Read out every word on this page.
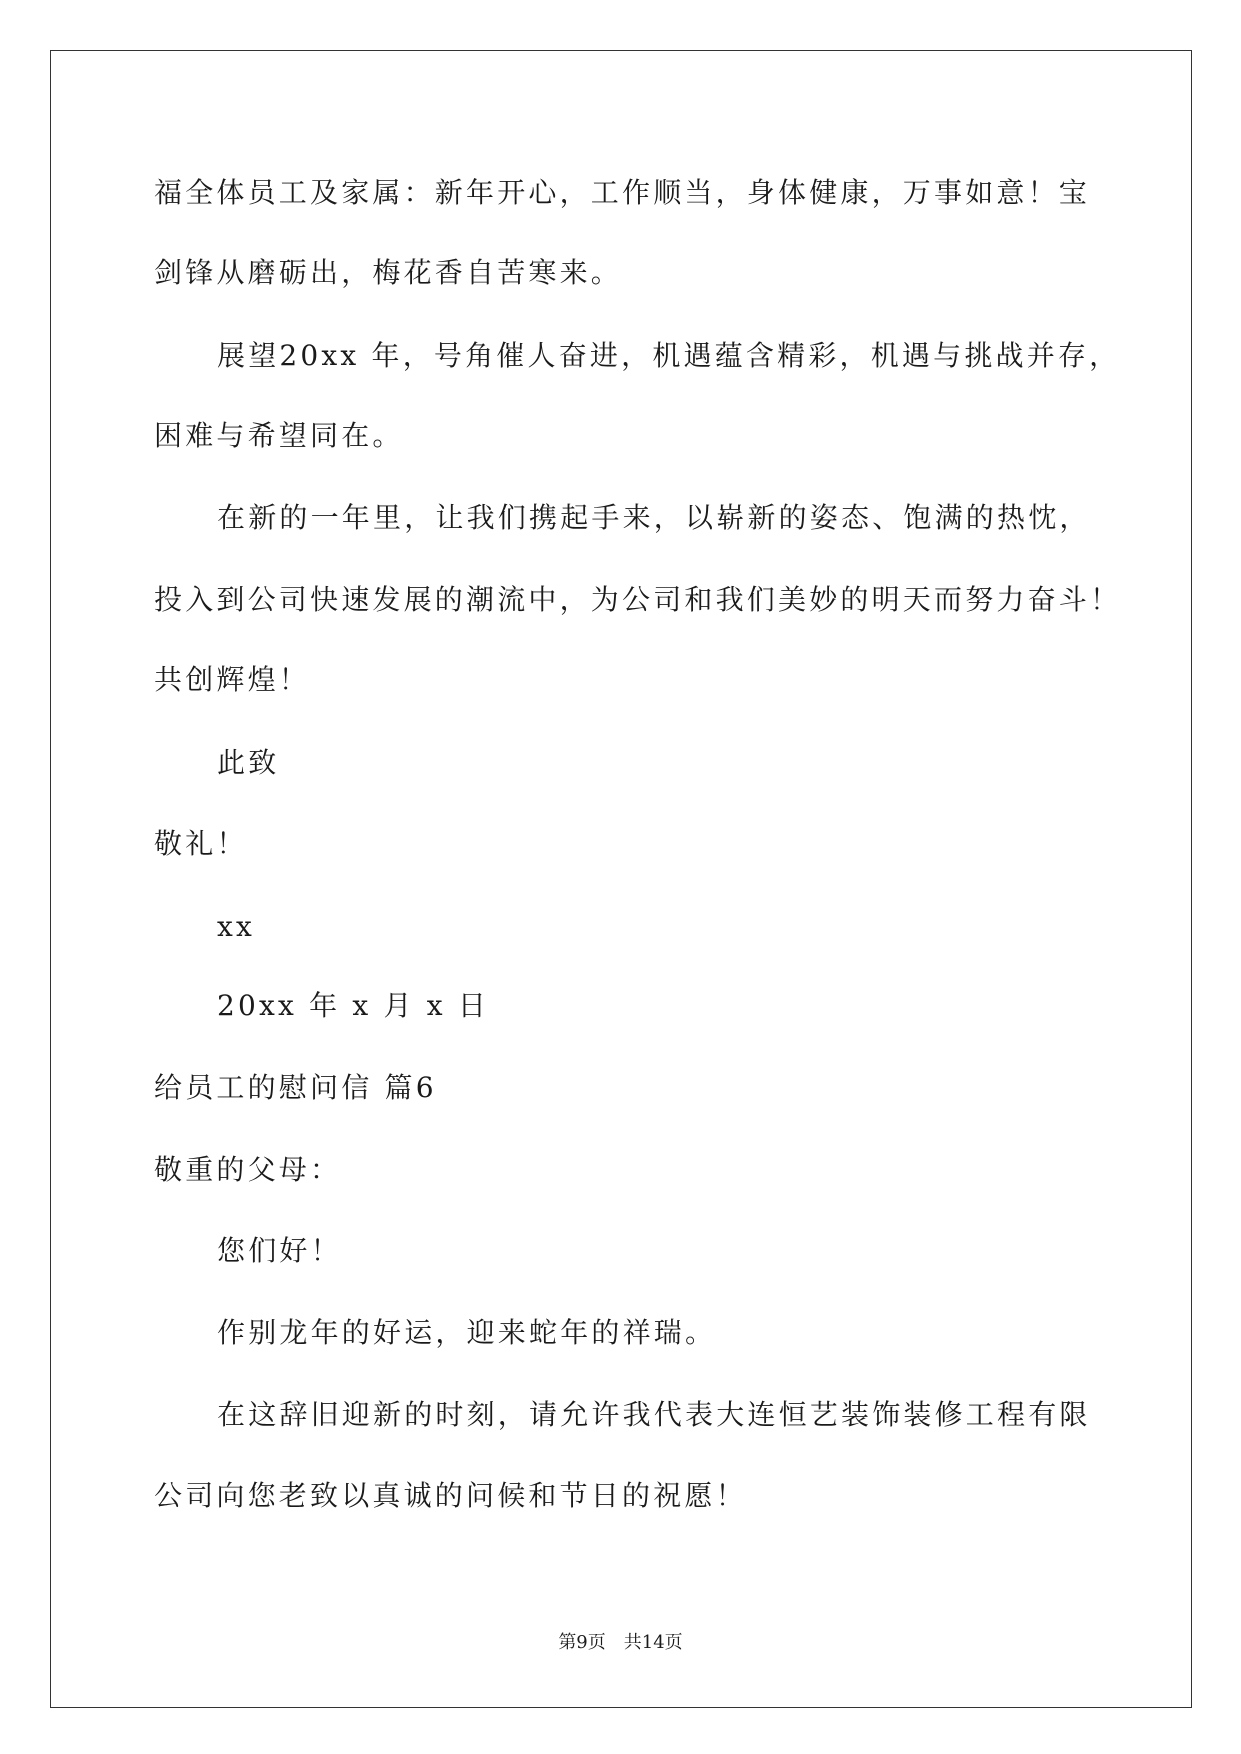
福全体员工及家属：新年开心，工作顺当，身体健康，万事如意！宝
剑锋从磨砺出，梅花香自苦寒来。
展望20xx 年，号角催人奋进，机遇蕴含精彩，机遇与挑战并存，
困难与希望同在。
在新的一年里，让我们携起手来，以崭新的姿态、饱满的热忱，
投入到公司快速发展的潮流中，为公司和我们美妙的明天而努力奋斗！
共创辉煌！
此致
敬礼！
xx
20xx 年 x 月 x 日
给员工的慰问信 篇6
敬重的父母：
您们好！
作别龙年的好运，迎来蛇年的祥瑞。
在这辞旧迎新的时刻，请允许我代表大连恒艺装饰装修工程有限
公司向您老致以真诚的问候和节日的祝愿！
第9页 共14页
